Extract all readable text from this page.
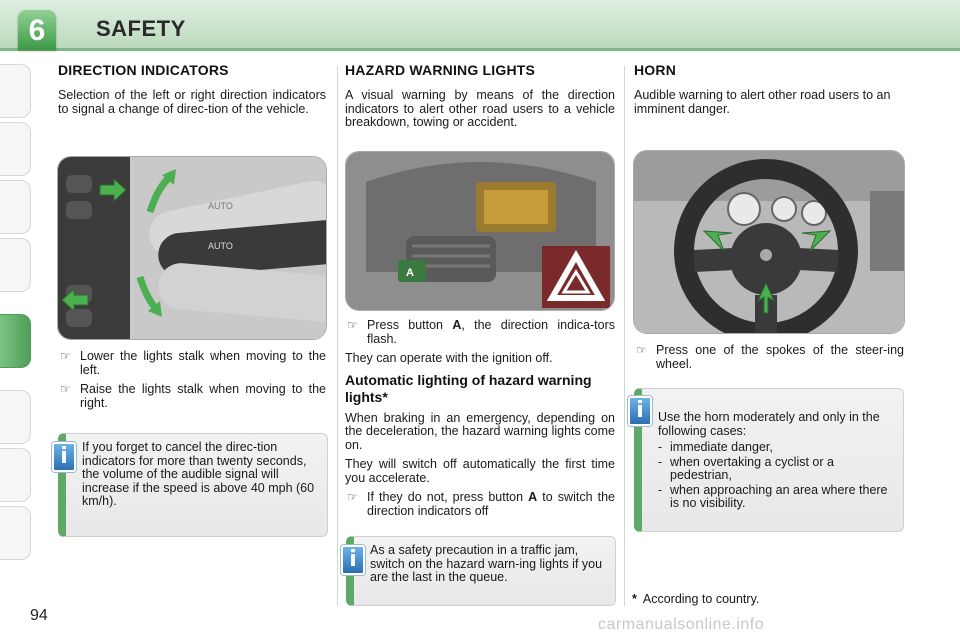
6	SAFETY
94
DIRECTION INDICATORS

Selection of the left or right direction indicators to signal a change of direc-tion of the vehicle.

AUTO
AUTO
☞ Lower the lights stalk when moving to the left.
☞ Raise the lights stalk when moving to the right.
If you forget to cancel the direc-tion indicators for more than twenty seconds, the volume of the audible signal will increase if the speed is above 40 mph (60 km/h).
i
HAZARD WARNING LIGHTS

A visual warning by means of the direction indicators to alert other road users to a vehicle breakdown, towing or accident.

A
☞ Press button A, the direction indica-tors flash.

They can operate with the ignition off.

Automatic lighting of hazard warning lights*

When braking in an emergency, depending on the deceleration, the hazard warning lights come on.

They will switch off automatically the first time you accelerate.

☞ If they do not, press button A to switch the direction indicators off
As a safety precaution in a traffic jam, switch on the hazard warn-ing lights if you are the last in the queue.
i
HORN

Audible warning to alert other road users to an imminent danger.

☞ Press one of the spokes of the steer-ing wheel.
Use the horn moderately and only in the following cases:
- immediate danger,
- when overtaking a cyclist or a pedestrian,
- when approaching an area where there is no visibility.
i
* According to country.
carmanualsonline.info
